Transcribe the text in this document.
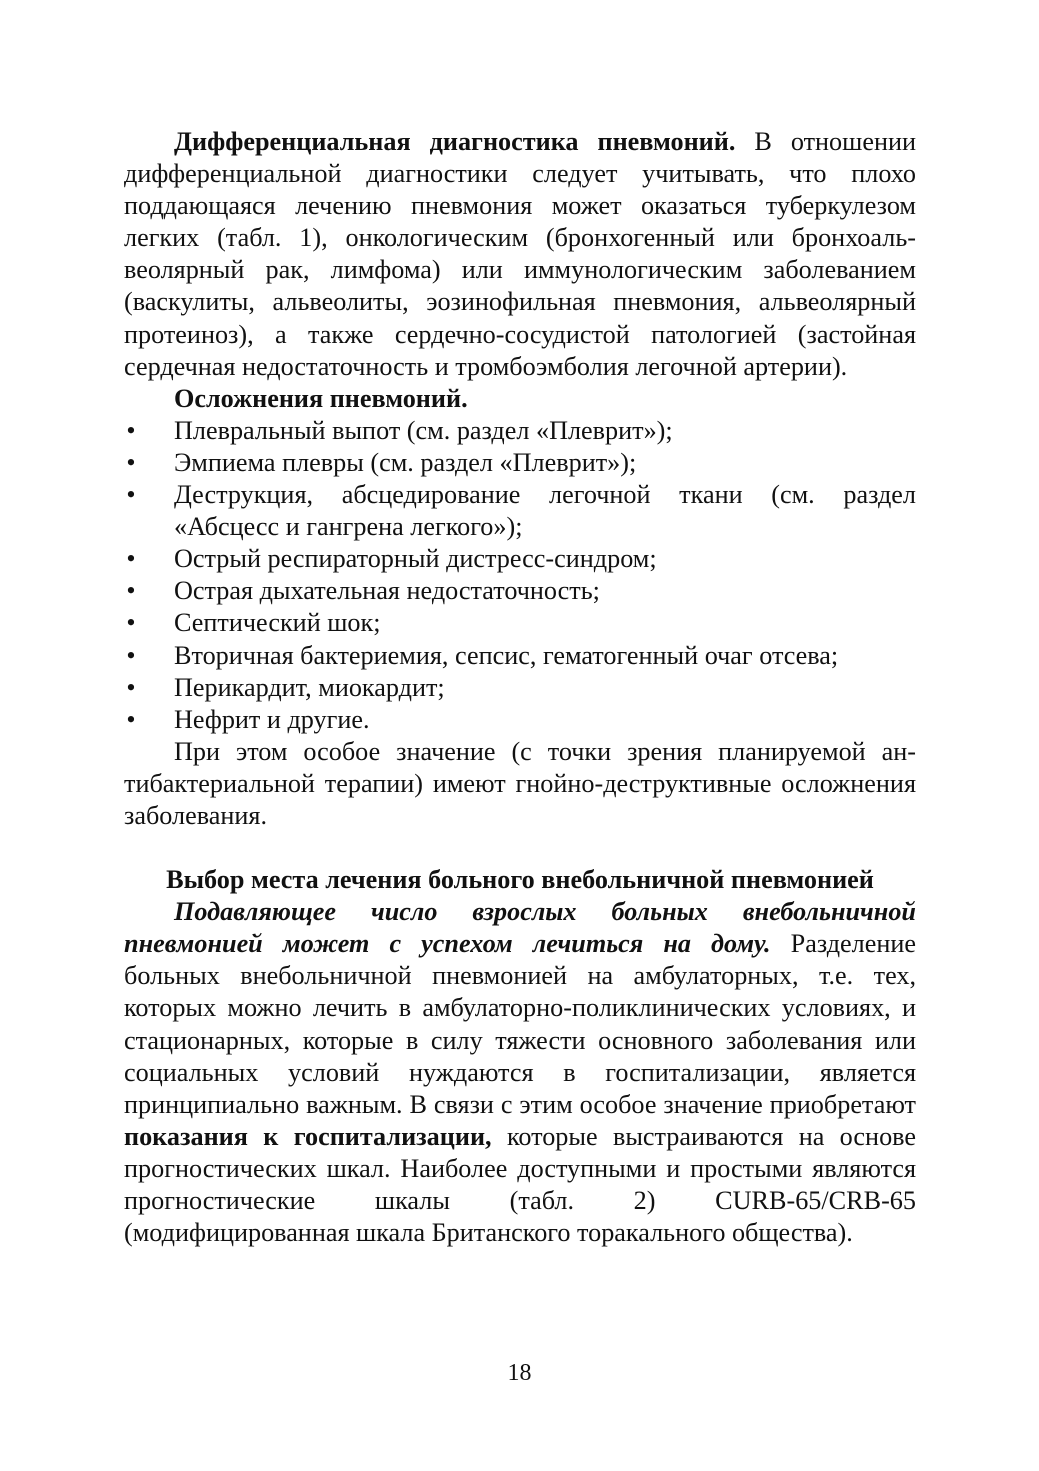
Дифференциальная диагностика пневмоний. В отношении дифференциальной диагностики следует учитывать, что плохо поддающаяся лечению пневмония может оказаться туберкулезом легких (табл. 1), онкологическим (бронхогенный или бронхоальвеолярный рак, лимфома) или иммунологическим заболеванием (васкулиты, альвеолиты, эозинофильная пневмония, альвеолярный протеиноз), а также сердечно-сосудистой патологией (застойная сердечная недостаточность и тромбоэмболия легочной артерии).

Осложнения пневмоний.

• Плевральный выпот (см. раздел «Плеврит»);
• Эмпиема плевры (см. раздел «Плеврит»);
• Деструкция, абсцедирование легочной ткани (см. раздел «Абсцесс и гангрена легкого»);
• Острый респираторный дистресс-синдром;
• Острая дыхательная недостаточность;
• Септический шок;
• Вторичная бактериемия, сепсис, гематогенный очаг отсева;
• Перикардит, миокардит;
• Нефрит и другие.

При этом особое значение (с точки зрения планируемой антибактериальной терапии) имеют гнойно-деструктивные осложнения заболевания.

Выбор места лечения больного внебольничной пневмонией

Подавляющее число взрослых больных внебольничной пневмонией может с успехом лечиться на дому. Разделение больных внебольничной пневмонией на амбулаторных, т.е. тех, которых можно лечить в амбулаторно-поликлинических условиях, и стационарных, которые в силу тяжести основного заболевания или социальных условий нуждаются в госпитализации, является принципиально важным. В связи с этим особое значение приобретают показания к госпитализации, которые выстраиваются на основе прогностических шкал. Наиболее доступными и простыми являются прогностические шкалы (табл. 2) CURB-65/CRB-65 (модифицированная шкала Британского торакального общества).

18
